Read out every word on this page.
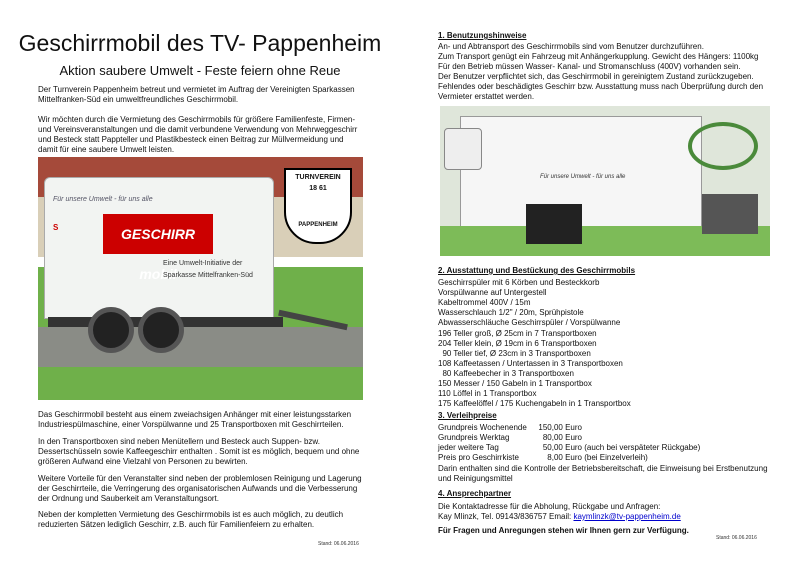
Geschirrmobil des TV- Pappenheim
Aktion saubere Umwelt - Feste feiern ohne Reue

Der Turnverein Pappenheim betreut und vermietet im Auftrag der Vereinigten Sparkassen Mittelfranken-Süd ein umweltfreundliches Geschirrmobil.

Wir möchten durch die Vermietung des Geschirrmobils für größere Familienfeste, Firmen- und Vereinsveranstaltungen und die damit verbundene Verwendung von Mehrweggeschirr und Besteck statt Pappteller und Plastikbesteck einen Beitrag zur Müllvermeidung und damit für eine saubere Umwelt leisten.

Für unsere Umwelt - für uns alle
S	GESCHIRR mobil
Eine Umwelt-Initiative der
Sparkasse Mittelfranken-Süd
TURNVEREIN
18 61
PAPPENHEIM

Das Geschirrmobil besteht aus einem zweiachsigen Anhänger mit einer leistungsstarken Industriespülmaschine, einer Vorspülwanne und 25 Transportboxen mit Geschirrteilen.

In den Transportboxen sind neben Menütellern und Besteck auch Suppen- bzw. Dessertschüsseln sowie Kaffeegeschirr enthalten . Somit ist es möglich, bequem und ohne größeren Aufwand eine Vielzahl von Personen zu bewirten.

Weitere Vorteile für den Veranstalter sind neben der problemlosen Reinigung und Lagerung der Geschirrteile, die Verringerung des organisatorischen Aufwands und die Verbesserung der Ordnung und Sauberkeit am Veranstaltungsort.

Neben der kompletten Vermietung des Geschirrmobils ist es auch möglich, zu deutlich reduzierten Sätzen lediglich Geschirr, z.B. auch für Familienfeiern zu erhalten.

Stand: 06.06.2016
1. Benutzungshinweise
An- und Abtransport des Geschirrmobils sind vom Benutzer durchzuführen.
Zum Transport genügt ein Fahrzeug mit Anhängerkupplung. Gewicht des Hängers: 1100kg
Für den Betrieb müssen Wasser- Kanal- und Stromanschluss (400V) vorhanden sein.
Der Benutzer verpflichtet sich, das Geschirrmobil in gereinigtem Zustand zurückzugeben.
Fehlendes oder beschädigtes Geschirr bzw. Ausstattung muss nach Überprüfung durch den Vermieter erstattet werden.
Für unsere Umwelt - für uns alle
2. Ausstattung und Bestückung des Geschirrmobils
Geschirrspüler mit 6 Körben und Besteckkorb
Vorspülwanne auf Untergestell
Kabeltrommel 400V / 15m
Wasserschlauch 1/2" / 20m, Sprühpistole
Abwasserschläuche Geschirrspüler / Vorspülwanne
196 Teller groß, Ø 25cm in 7 Transportboxen
204 Teller klein, Ø 19cm in 6 Transportboxen
90 Teller tief, Ø 23cm in 3 Transportboxen
108 Kaffeetassen / Untertassen in 3 Transportboxen
80 Kaffeebecher in 3 Transportboxen
150 Messer / 150 Gabeln in 1 Transportbox
110 Löffel in 1 Transportbox
175 Kaffeelöffel / 175 Kuchengabeln in 1 Transportbox
3. Verleihpreise
Grundpreis Wochenende 150,00 Euro
Grundpreis Werktag	80,00 Euro
jeder weitere Tag	50,00 Euro (auch bei verspäteter Rückgabe)
Preis pro Geschirrkiste	8,00 Euro (bei Einzelverleih)

Darin enthalten sind die Kontrolle der Betriebsbereitschaft, die Einweisung bei Erstbenutzung und Reinigungsmittel

4. Ansprechpartner
Die Kontaktadresse für die Abholung, Rückgabe und Anfragen:
Kay Mlinzk, Tel. 09143/836757 Email: kaymlinzk@tv-pappenheim.de
Für Fragen und Anregungen stehen wir Ihnen gern zur Verfügung.
Stand: 06.06.2016
